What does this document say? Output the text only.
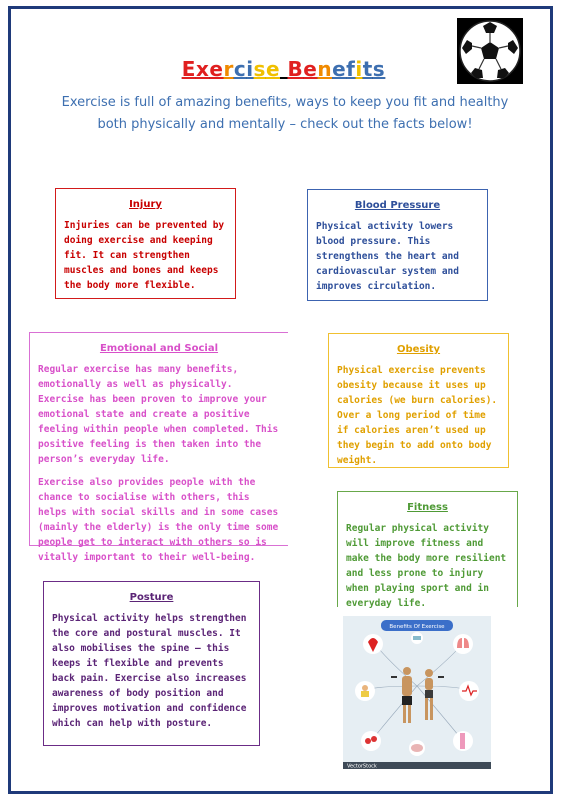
Exercise Benefits
Exercise is full of amazing benefits, ways to keep you fit and healthy both physically and mentally – check out the facts below!
Injury

Injuries can be prevented by doing exercise and keeping fit. It can strengthen muscles and bones and keeps the body more flexible.

Blood Pressure

Physical activity lowers blood pressure. This strengthens the heart and cardiovascular system and improves circulation.

Emotional and Social

Regular exercise has many benefits, emotionally as well as physically. Exercise has been proven to improve your emotional state and create a positive feeling within people when completed. This positive feeling is then taken into the person’s everyday life.

Exercise also provides people with the chance to socialise with others, this helps with social skills and in some cases (mainly the elderly) is the only time some people get to interact with others so is vitally important to their well-being.

Obesity

Physical exercise prevents obesity because it uses up calories (we burn calories). Over a long period of time if calories aren’t used up they begin to add onto body weight.

Fitness

Regular physical activity will improve fitness and make the body more resilient and less prone to injury when playing sport and in everyday life.

Posture

Physical activity helps strengthen the core and postural muscles. It also mobilises the spine – this keeps it flexible and prevents back pain. Exercise also increases awareness of body position and improves motivation and confidence which can help with posture.

Benefits Of Exercise
VectorStock
